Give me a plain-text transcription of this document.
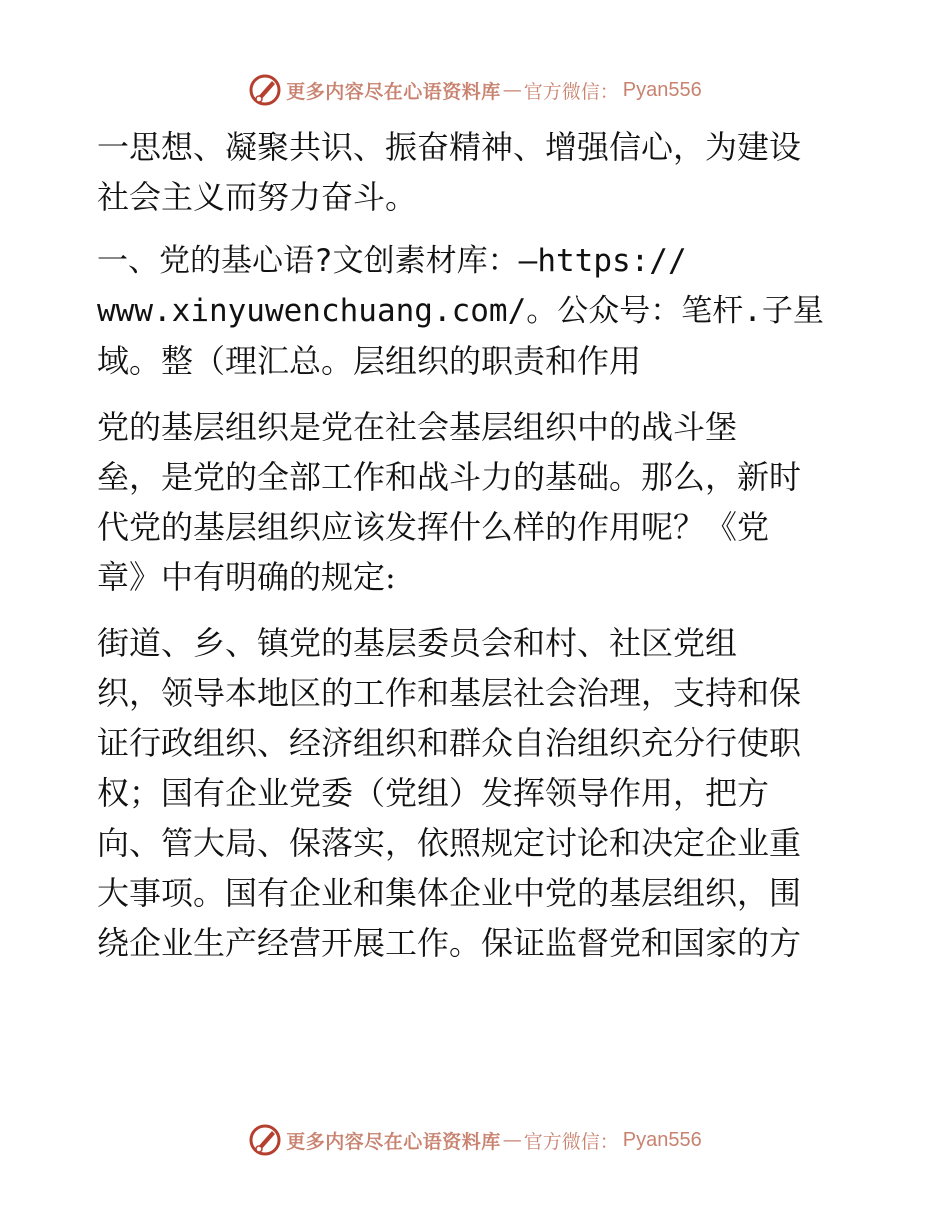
更多内容尽在心语资料库 — 官方微信： Pyan556

一思想、凝聚共识、振奋精神、增强信心，为建设

社会主义而努力奋斗。

一、党的基心语?文创素材库：—https://

www.xinyuwenchuang.com/。公众号：笔杆.子星

域。整（理汇总。层组织的职责和作用

党的基层组织是党在社会基层组织中的战斗堡

垒，是党的全部工作和战斗力的基础。那么，新时

代党的基层组织应该发挥什么样的作用呢？《党

章》中有明确的规定:

街道、乡、镇党的基层委员会和村、社区党组

织，领导本地区的工作和基层社会治理，支持和保

证行政组织、经济组织和群众自治组织充分行使职

权；国有企业党委（党组）发挥领导作用，把方

向、管大局、保落实，依照规定讨论和决定企业重

大事项。国有企业和集体企业中党的基层组织，围

绕企业生产经营开展工作。保证监督党和国家的方

更多内容尽在心语资料库 — 官方微信： Pyan556
